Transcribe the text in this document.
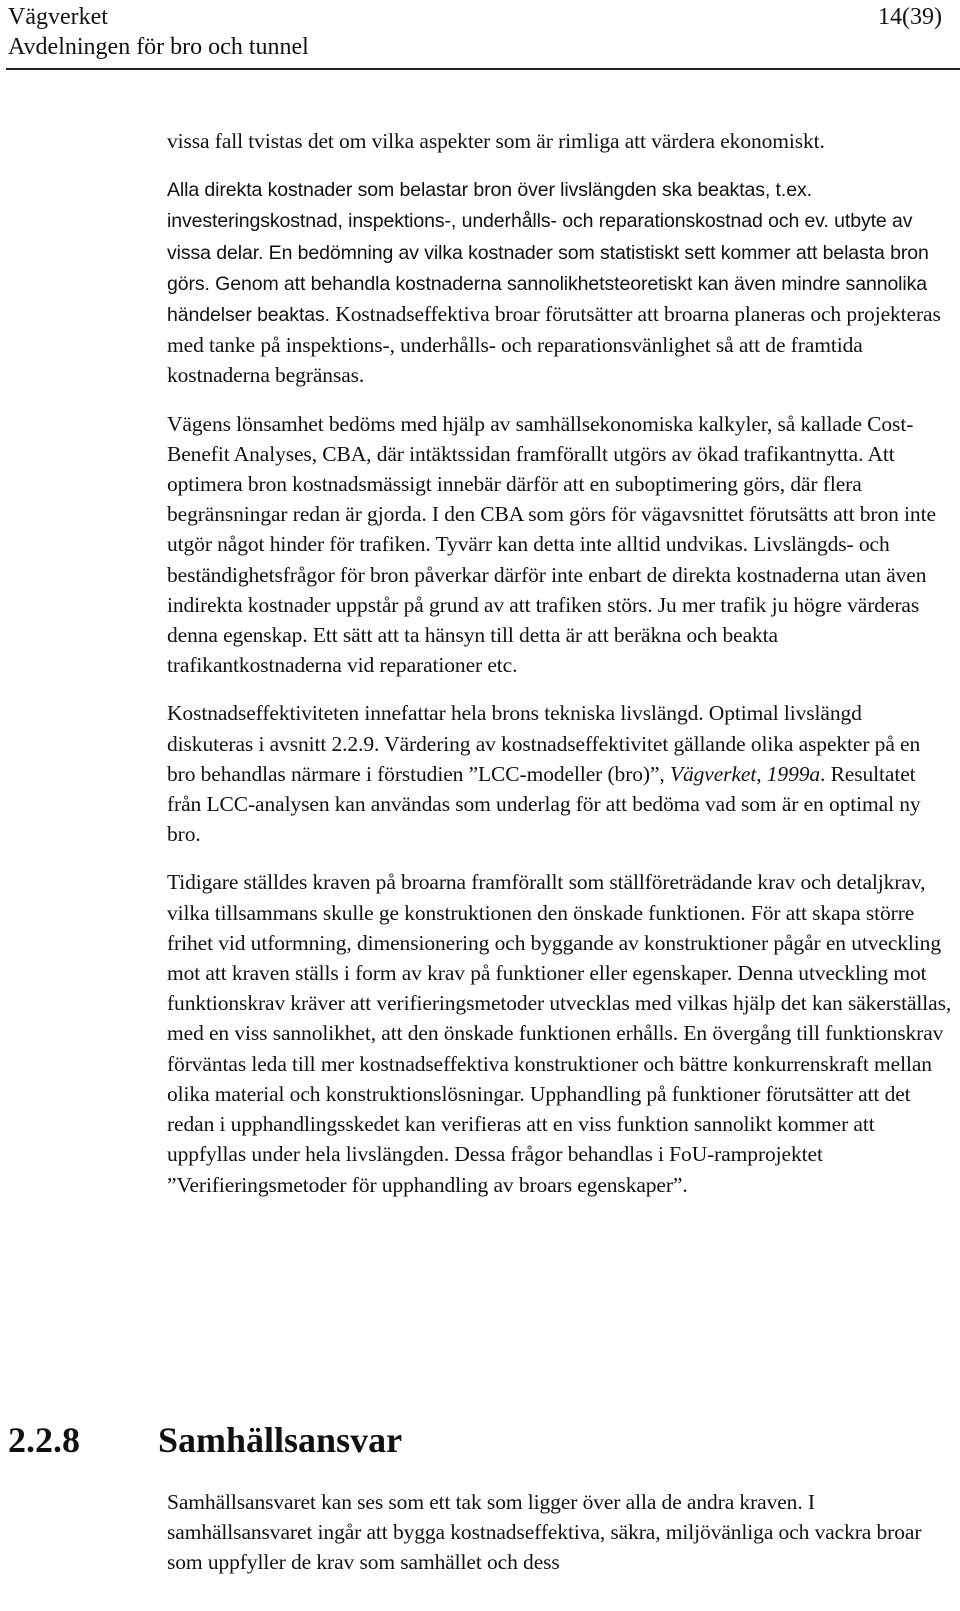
Vägverket
Avdelningen för bro och tunnel
14(39)

vissa fall tvistas det om vilka aspekter som är rimliga att värdera ekonomiskt.

Alla direkta kostnader som belastar bron över livslängden ska beaktas, t.ex. investeringskostnad, inspektions-, underhålls- och reparationskostnad och ev. utbyte av vissa delar. En bedömning av vilka kostnader som statistiskt sett kommer att belasta bron görs. Genom att behandla kostnaderna sannolikhetsteoretiskt kan även mindre sannolika händelser beaktas. Kostnadseffektiva broar förutsätter att broarna planeras och projekteras med tanke på inspektions-, underhålls- och reparationsvänlighet så att de framtida kostnaderna begränsas.

Vägens lönsamhet bedöms med hjälp av samhällsekonomiska kalkyler, så kallade Cost-Benefit Analyses, CBA, där intäktssidan framförallt utgörs av ökad trafikantnytta. Att optimera bron kostnadsmässigt innebär därför att en suboptimering görs, där flera begränsningar redan är gjorda. I den CBA som görs för vägavsnittet förutsätts att bron inte utgör något hinder för trafiken. Tyvärr kan detta inte alltid undvikas. Livslängds- och beständighetsfrågor för bron påverkar därför inte enbart de direkta kostnaderna utan även indirekta kostnader uppstår på grund av att trafiken störs. Ju mer trafik ju högre värderas denna egenskap. Ett sätt att ta hänsyn till detta är att beräkna och beakta trafikantkostnaderna vid reparationer etc.

Kostnadseffektiviteten innefattar hela brons tekniska livslängd. Optimal livslängd diskuteras i avsnitt 2.2.9. Värdering av kostnadseffektivitet gällande olika aspekter på en bro behandlas närmare i förstudien ”LCC-modeller (bro)”, Vägverket, 1999a. Resultatet från LCC-analysen kan användas som underlag för att bedöma vad som är en optimal ny bro.

Tidigare ställdes kraven på broarna framförallt som ställföreträdande krav och detaljkrav, vilka tillsammans skulle ge konstruktionen den önskade funktionen. För att skapa större frihet vid utformning, dimensionering och byggande av konstruktioner pågår en utveckling mot att kraven ställs i form av krav på funktioner eller egenskaper. Denna utveckling mot funktionskrav kräver att verifieringsmetoder utvecklas med vilkas hjälp det kan säkerställas, med en viss sannolikhet, att den önskade funktionen erhålls. En övergång till funktionskrav förväntas leda till mer kostnadseffektiva konstruktioner och bättre konkurrenskraft mellan olika material och konstruktionslösningar. Upphandling på funktioner förutsätter att det redan i upphandlingsskedet kan verifieras att en viss funktion sannolikt kommer att uppfyllas under hela livslängden. Dessa frågor behandlas i FoU-ramprojektet ”Verifieringsmetoder för upphandling av broars egenskaper”.

2.2.8 Samhällsansvar

Samhällsansvaret kan ses som ett tak som ligger över alla de andra kraven. I samhällsansvaret ingår att bygga kostnadseffektiva, säkra, miljövänliga och vackra broar som uppfyller de krav som samhället och dess
